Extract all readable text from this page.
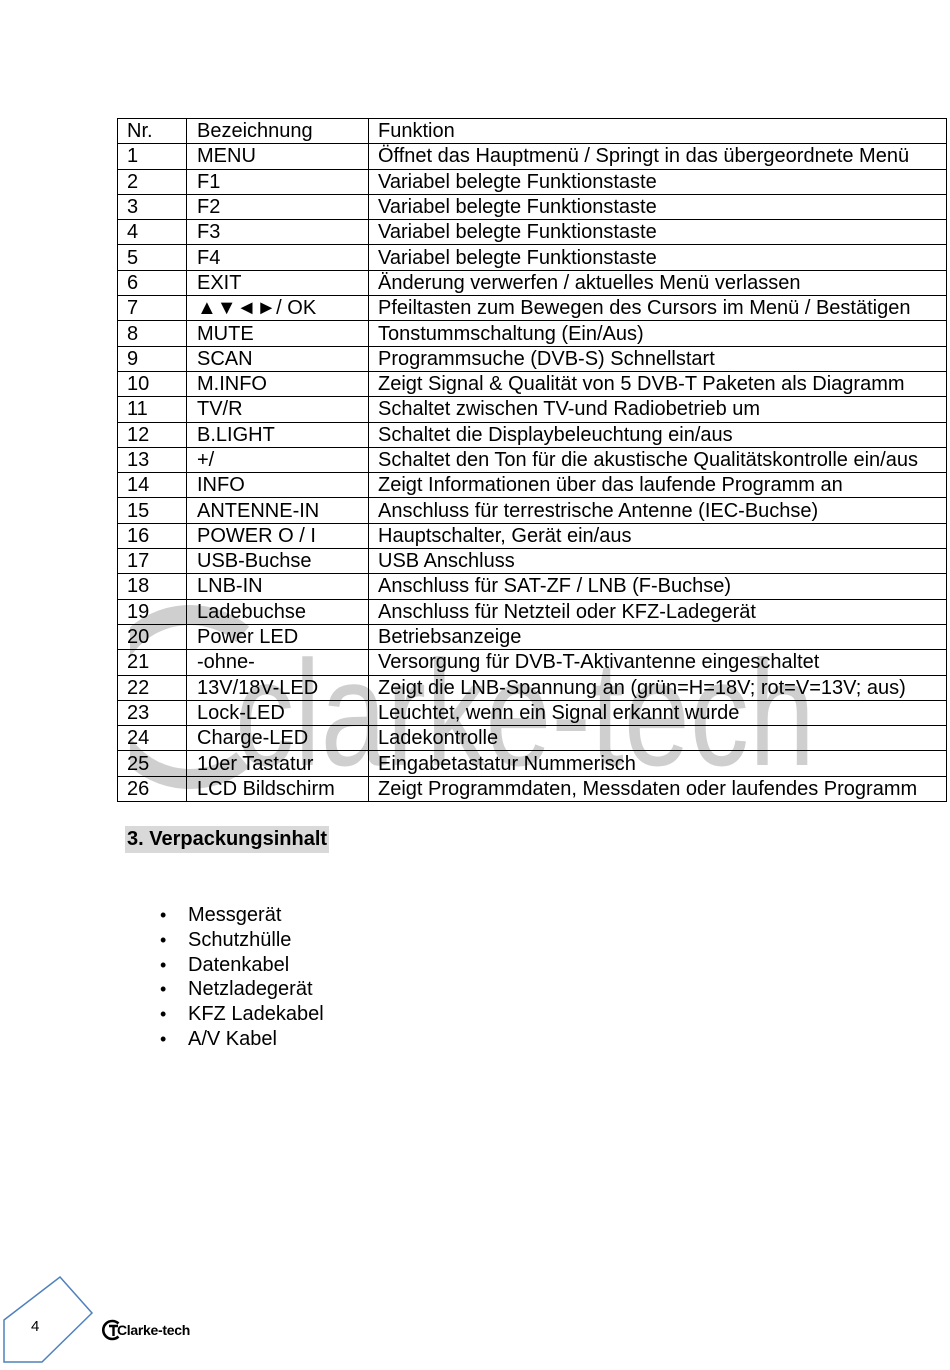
clarke-tech
Nr.	Bezeichnung	Funktion
1	MENU	Öffnet das Hauptmenü / Springt in das übergeordnete Menü
2	F1	Variabel belegte Funktionstaste
3	F2	Variabel belegte Funktionstaste
4	F3	Variabel belegte Funktionstaste
5	F4	Variabel belegte Funktionstaste
6	EXIT	Änderung verwerfen / aktuelles Menü verlassen
7	▲▼◄►/ OK	Pfeiltasten zum Bewegen des Cursors im Menü / Bestätigen
8	MUTE	Tonstummschaltung (Ein/Aus)
9	SCAN	Programmsuche (DVB-S) Schnellstart
10	M.INFO	Zeigt Signal & Qualität von 5 DVB-T Paketen als Diagramm
11	TV/R	Schaltet zwischen TV-und Radiobetrieb um
12	B.LIGHT	Schaltet die Displaybeleuchtung ein/aus
13	+/	Schaltet den Ton für die akustische Qualitätskontrolle ein/aus
14	INFO	Zeigt Informationen über das laufende Programm an
15	ANTENNE-IN	Anschluss für terrestrische Antenne (IEC-Buchse)
16	POWER O / I	Hauptschalter, Gerät ein/aus
17	USB-Buchse	USB Anschluss
18	LNB-IN	Anschluss für SAT-ZF / LNB (F-Buchse)
19	Ladebuchse	Anschluss für Netzteil oder KFZ-Ladegerät
20	Power LED	Betriebsanzeige
21	-ohne-	Versorgung für DVB-T-Aktivantenne eingeschaltet
22	13V/18V-LED	Zeigt die LNB-Spannung an (grün=H=18V; rot=V=13V; aus)
23	Lock-LED	Leuchtet, wenn ein Signal erkannt wurde
24	Charge-LED	Ladekontrolle
25	10er Tastatur	Eingabetastatur Nummerisch
26	LCD Bildschirm	Zeigt Programmdaten, Messdaten oder laufendes Programm
3. Verpackungsinhalt
•
Messgerät
•
Schutzhülle
•
Datenkabel
•
Netzladegerät
•
KFZ Ladekabel
•
A/V Kabel
4	Clarke-tech
